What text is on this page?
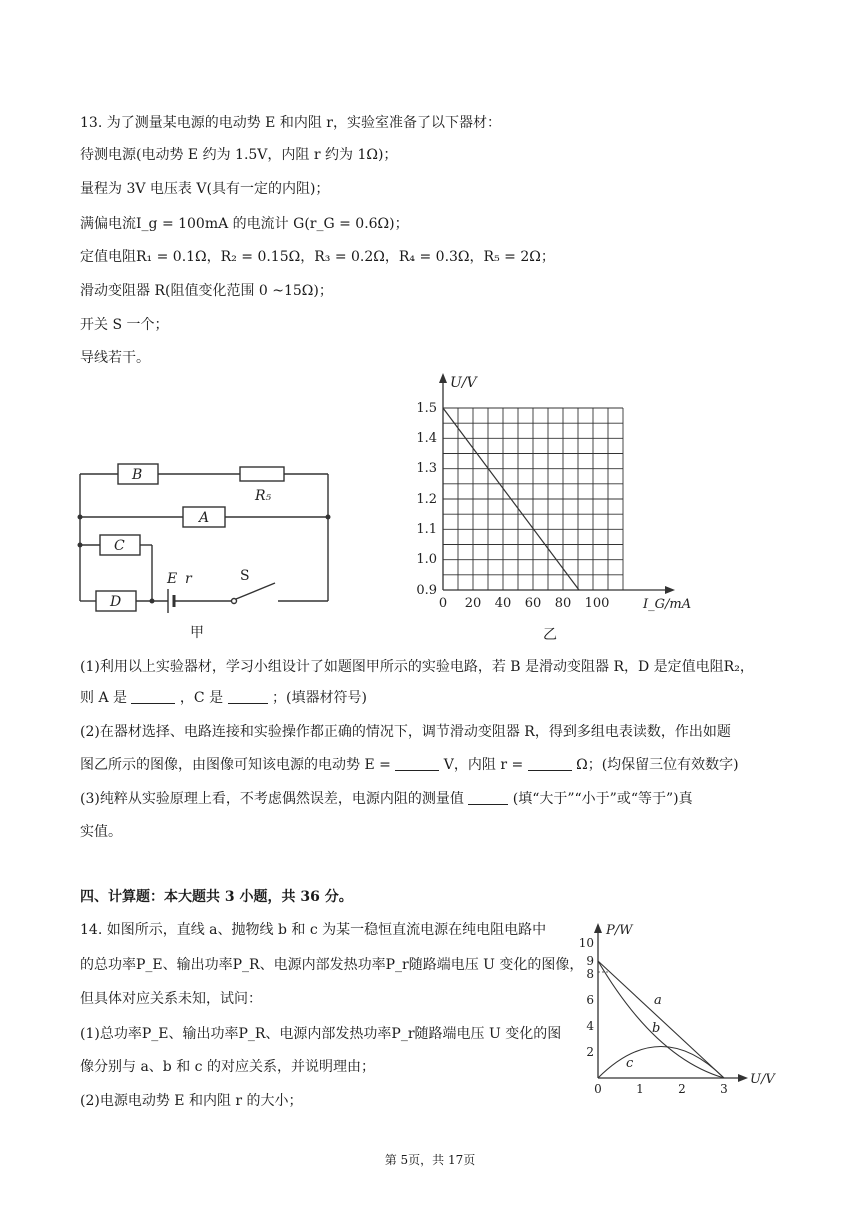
13. 为了测量某电源的电动势 E 和内阻 r，实验室准备了以下器材：
待测电源(电动势 E 约为 1.5V，内阻 r 约为 1Ω)；
量程为 3V 电压表 V(具有一定的内阻)；
满偏电流I_g = 100mA 的电流计 G(r_G = 0.6Ω)；
定值电阻R₁ = 0.1Ω，R₂ = 0.15Ω，R₃ = 0.2Ω，R₄ = 0.3Ω，R₅ = 2Ω；
滑动变阻器 R(阻值变化范围 0 ~15Ω)；
开关 S 一个；
导线若干。
B
R₅
A
C
D
E r	S
甲
U/V
I_G/mA
1.5
1.4
1.3
1.2
1.1
1.0
0.9
0 20 40 60 80 100
乙
(1)利用以上实验器材，学习小组设计了如题图甲所示的实验电路，若 B 是滑动变阻器 R，D 是定值电阻R₂，
则 A 是	，C 是	；(填器材符号)
(2)在器材选择、电路连接和实验操作都正确的情况下，调节滑动变阻器 R，得到多组电表读数，作出如题
图乙所示的图像，由图像可知该电源的电动势 E =	V，内阻 r =	Ω；(均保留三位有效数字)
(3)纯粹从实验原理上看，不考虑偶然误差，电源内阻的测量值	(填“大于”“小于”或“等于”)真
实值。
四、计算题：本大题共 3 小题，共 36 分。
14. 如图所示，直线 a、抛物线 b 和 c 为某一稳恒直流电源在纯电阻电路中
的总功率P_E、输出功率P_R、电源内部发热功率P_r随路端电压 U 变化的图像，
但具体对应关系未知，试问：
(1)总功率P_E、输出功率P_R、电源内部发热功率P_r随路端电压 U 变化的图
像分别与 a、b 和 c 的对应关系，并说明理由；
(2)电源电动势 E 和内阻 r 的大小；
P/W
U/V
10
9
8
6
4
2
0	1	2	3
a
b
c
第 5页，共 17页
